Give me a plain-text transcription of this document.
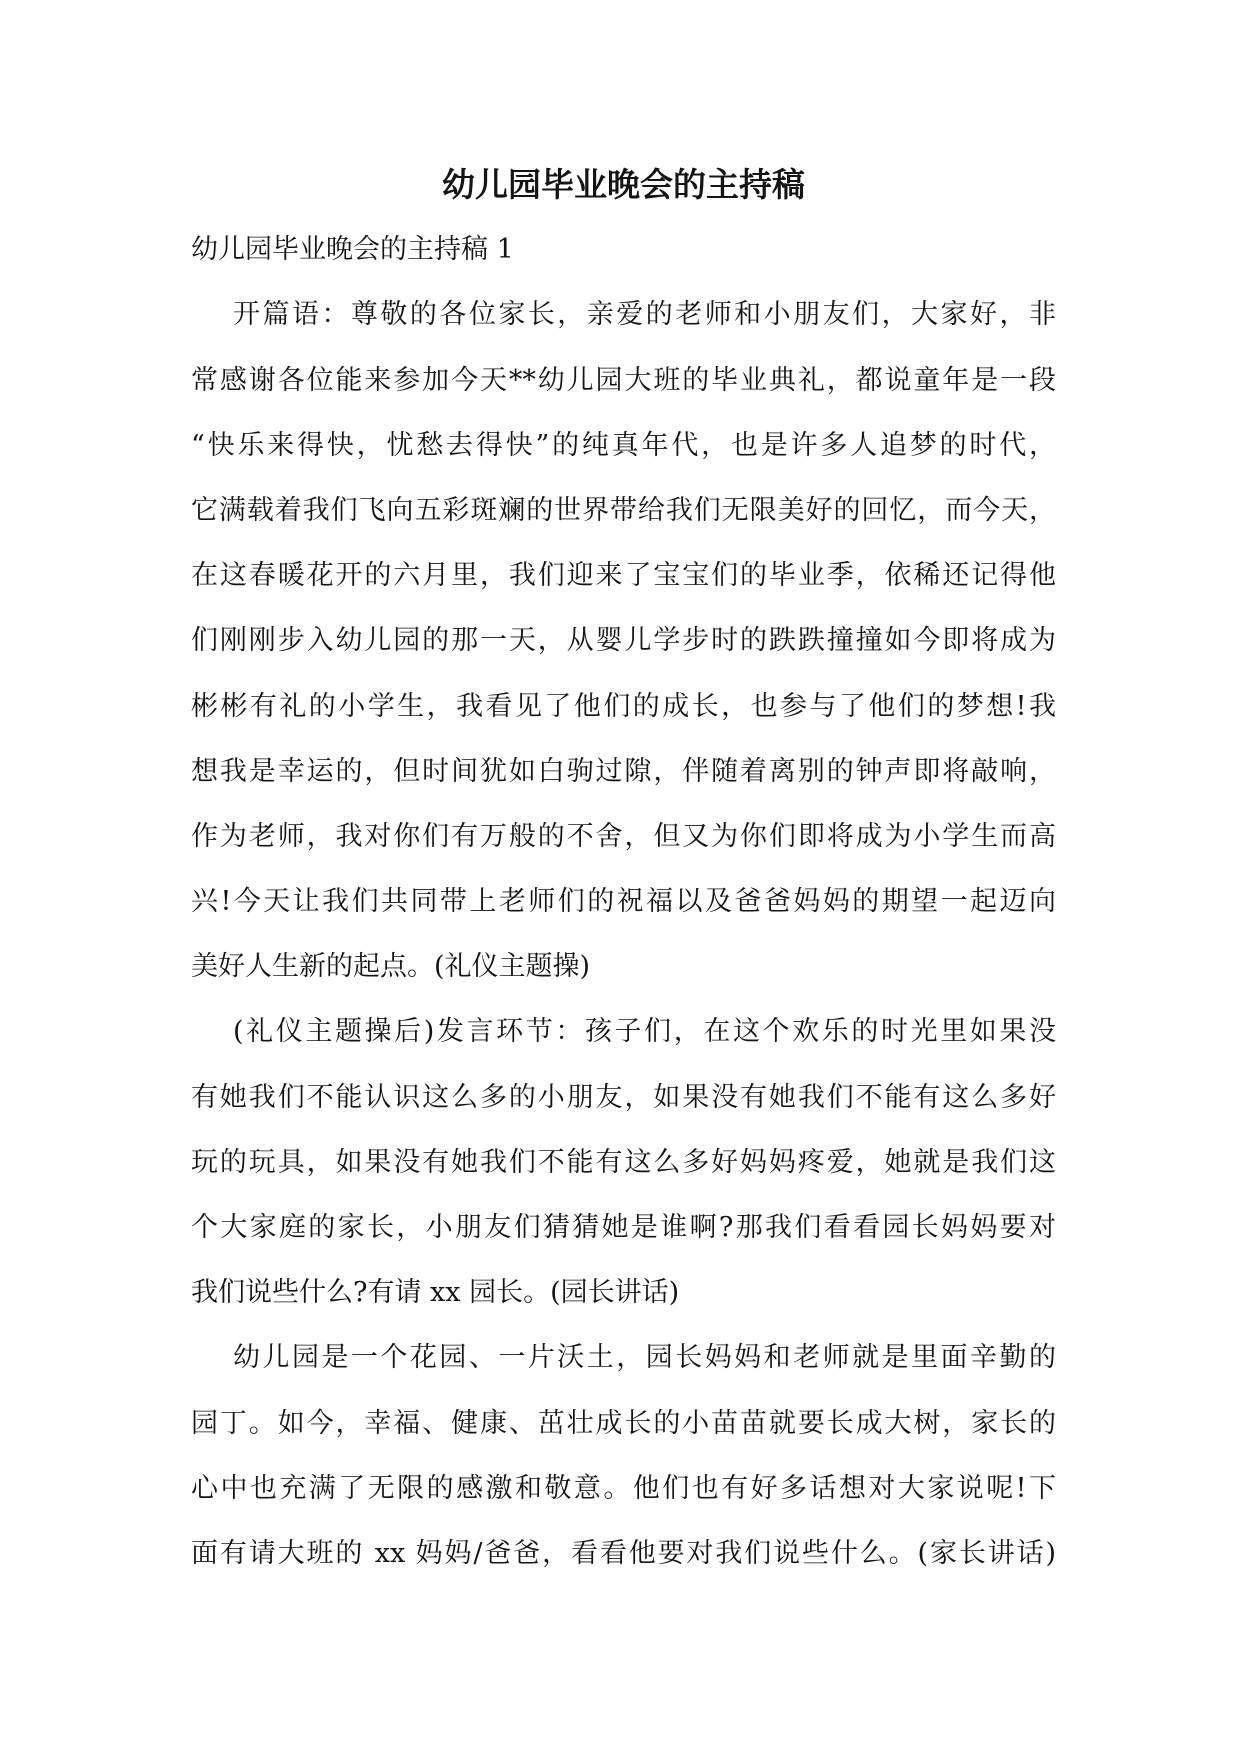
幼儿园毕业晚会的主持稿
幼儿园毕业晚会的主持稿 1
开篇语：尊敬的各位家长，亲爱的老师和小朋友们，大家好，非
常感谢各位能来参加今天**幼儿园大班的毕业典礼，都说童年是一段
“快乐来得快，忧愁去得快”的纯真年代，也是许多人追梦的时代，
它满载着我们飞向五彩斑斓的世界带给我们无限美好的回忆，而今天，
在这春暖花开的六月里，我们迎来了宝宝们的毕业季，依稀还记得他
们刚刚步入幼儿园的那一天，从婴儿学步时的跌跌撞撞如今即将成为
彬彬有礼的小学生，我看见了他们的成长，也参与了他们的梦想!我
想我是幸运的，但时间犹如白驹过隙，伴随着离别的钟声即将敲响，
作为老师，我对你们有万般的不舍，但又为你们即将成为小学生而高
兴!今天让我们共同带上老师们的祝福以及爸爸妈妈的期望一起迈向
美好人生新的起点。(礼仪主题操)
(礼仪主题操后)发言环节：孩子们，在这个欢乐的时光里如果没
有她我们不能认识这么多的小朋友，如果没有她我们不能有这么多好
玩的玩具，如果没有她我们不能有这么多好妈妈疼爱，她就是我们这
个大家庭的家长，小朋友们猜猜她是谁啊?那我们看看园长妈妈要对
我们说些什么?有请 xx 园长。(园长讲话)
幼儿园是一个花园、一片沃土，园长妈妈和老师就是里面辛勤的
园丁。如今，幸福、健康、茁壮成长的小苗苗就要长成大树，家长的
心中也充满了无限的感激和敬意。他们也有好多话想对大家说呢!下
面有请大班的 xx 妈妈/爸爸，看看他要对我们说些什么。(家长讲话)
